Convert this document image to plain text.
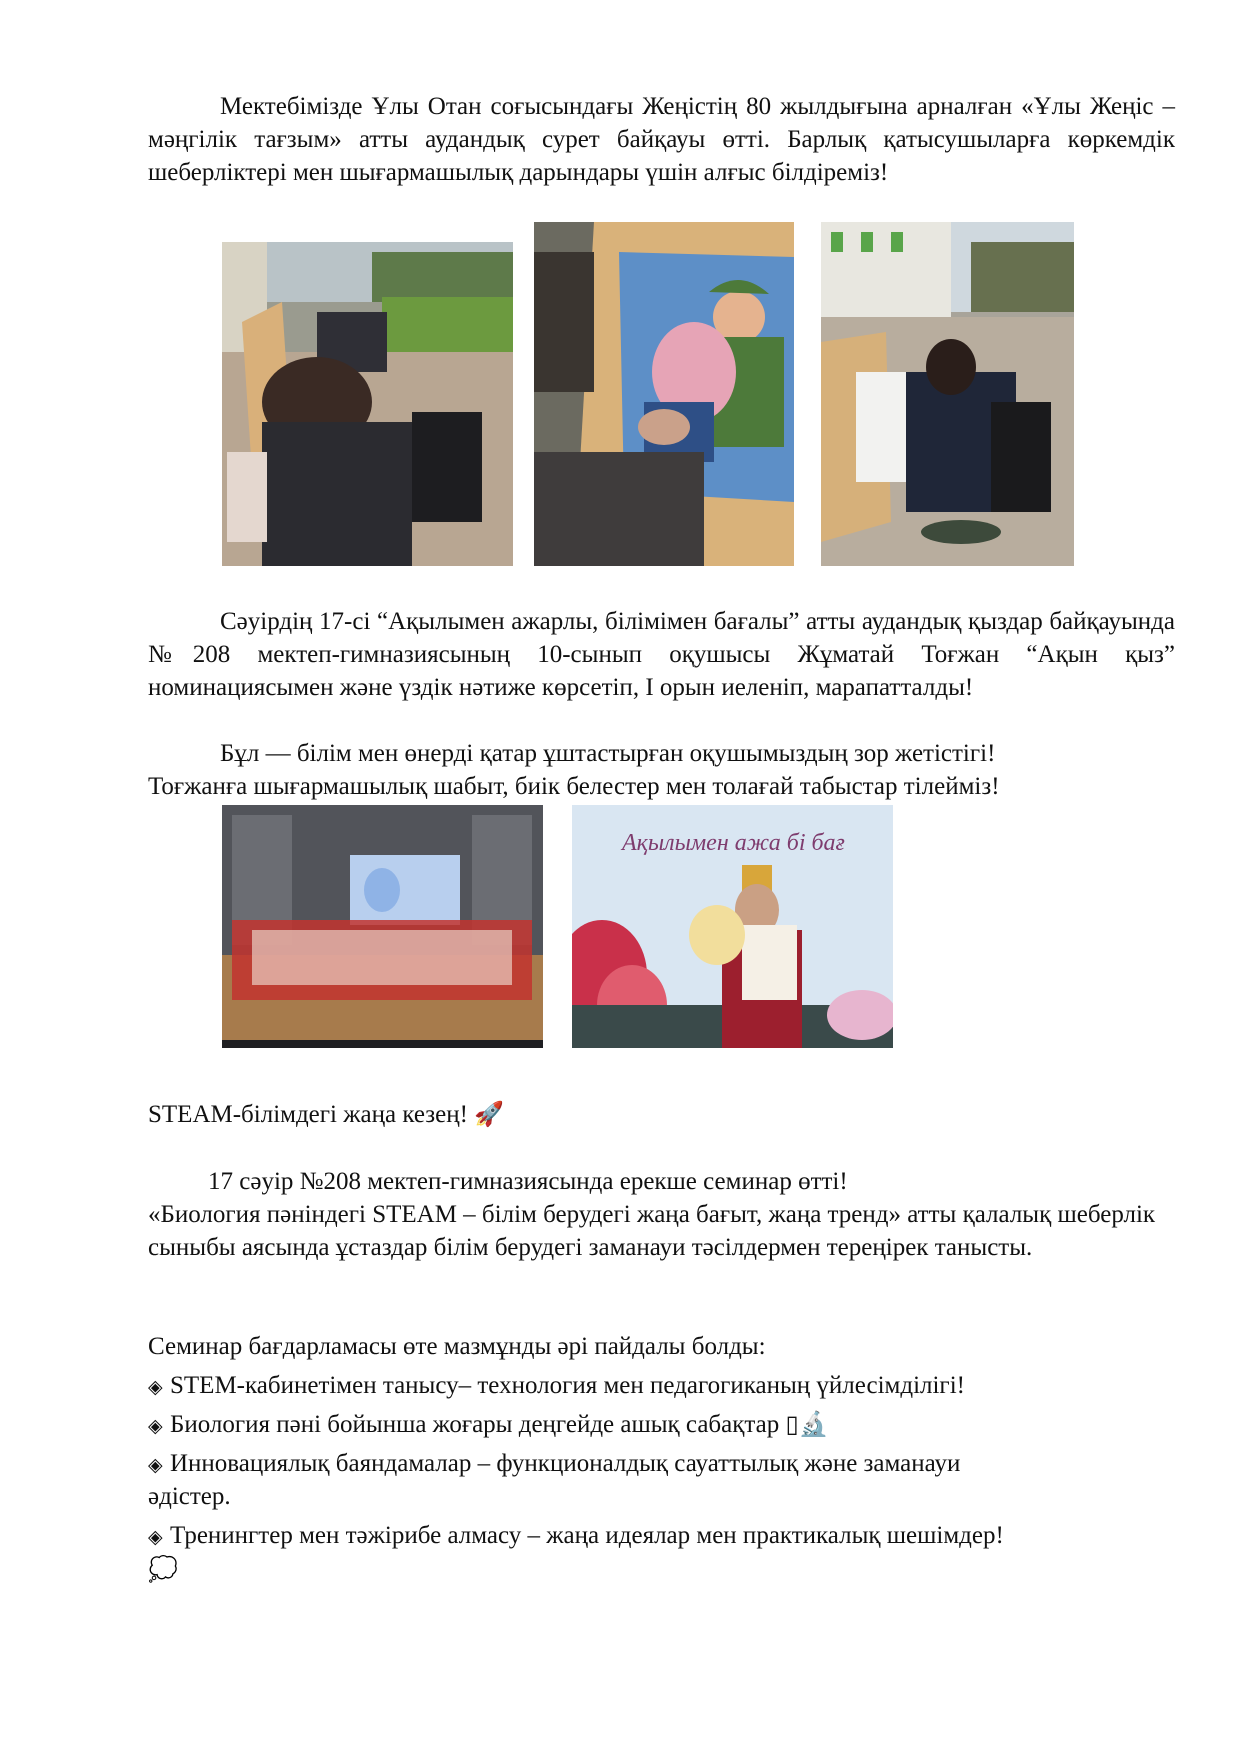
Мектебімізде Ұлы Отан соғысындағы Жеңістің 80 жылдығына арналған «Ұлы Жеңіс – мәңгілік тағзым» атты аудандық сурет байқауы өтті. Барлық қатысушыларға көркемдік шеберліктері мен шығармашылық дарындары үшін алғыс білдіреміз!

Сәуірдің 17-сі “Ақылымен ажарлы, білімімен бағалы” атты аудандық қыздар байқауында №208 мектеп-гимназиясының 10-сынып оқушысы Жұматай Тоғжан “Ақын қыз” номинациясымен және үздік нәтиже көрсетіп, І орын иеленіп, марапатталды!

Бұл — білім мен өнерді қатар ұштастырған оқушымыздың зор жетістігі!

Тоғжанға шығармашылық шабыт, биік белестер мен толағай табыстар тілейміз!

Ақылымен ажа бі бағ
STEAM-білімдегі жаңа кезең! 🚀
17 сәуір №208 мектеп-гимназиясында ерекше семинар өтті!

«Биология пәніндегі STEAM – білім берудегі жаңа бағыт, жаңа тренд» атты қалалық шеберлік сыныбы аясында ұстаздар білім берудегі заманауи тәсілдермен тереңірек танысты.

Семинар бағдарламасы өте мазмұнды әрі пайдалы болды:
◈ STEM-кабинетімен танысу– технология мен педагогиканың үйлесімділігі!
◈ Биология пәні бойынша жоғары деңгейде ашық сабақтар ▯🔬
◈ Инновациялық баяндамалар – функционалдық сауаттылық және заманауи
әдістер.
◈ Тренингтер мен тәжірибе алмасу – жаңа идеялар мен практикалық шешімдер!
💭
